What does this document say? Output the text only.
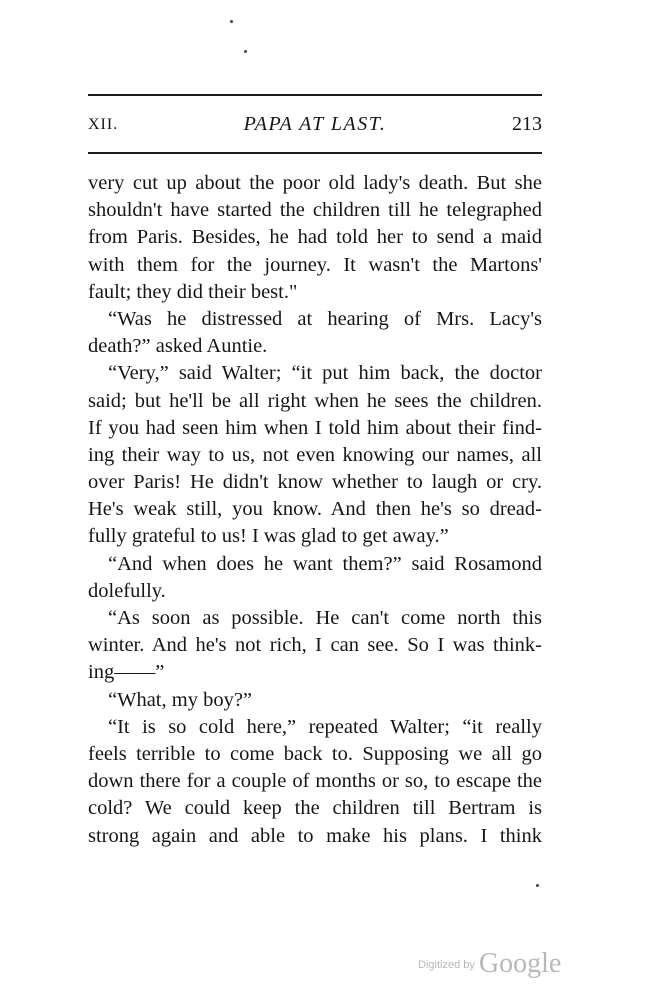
XII.	PAPA AT LAST.	213
very cut up about the poor old lady's death. But she
shouldn't have started the children till he telegraphed
from Paris. Besides, he had told her to send a maid
with them for the journey. It wasn't the Martons'
fault; they did their best."
“Was he distressed at hearing of Mrs. Lacy's
death?” asked Auntie.
“Very,” said Walter; “it put him back, the doctor
said; but he'll be all right when he sees the children.
If you had seen him when I told him about their find-
ing their way to us, not even knowing our names, all
over Paris! He didn't know whether to laugh or cry.
He's weak still, you know. And then he's so dread-
fully grateful to us! I was glad to get away.”
“And when does he want them?” said Rosamond
dolefully.
“As soon as possible. He can't come north this
winter. And he's not rich, I can see. So I was think-
ing——”
“What, my boy?”
“It is so cold here,” repeated Walter; “it really
feels terrible to come back to. Supposing we all go
down there for a couple of months or so, to escape the
cold? We could keep the children till Bertram is
strong again and able to make his plans. I think
$^{Digitized by}$ Google
